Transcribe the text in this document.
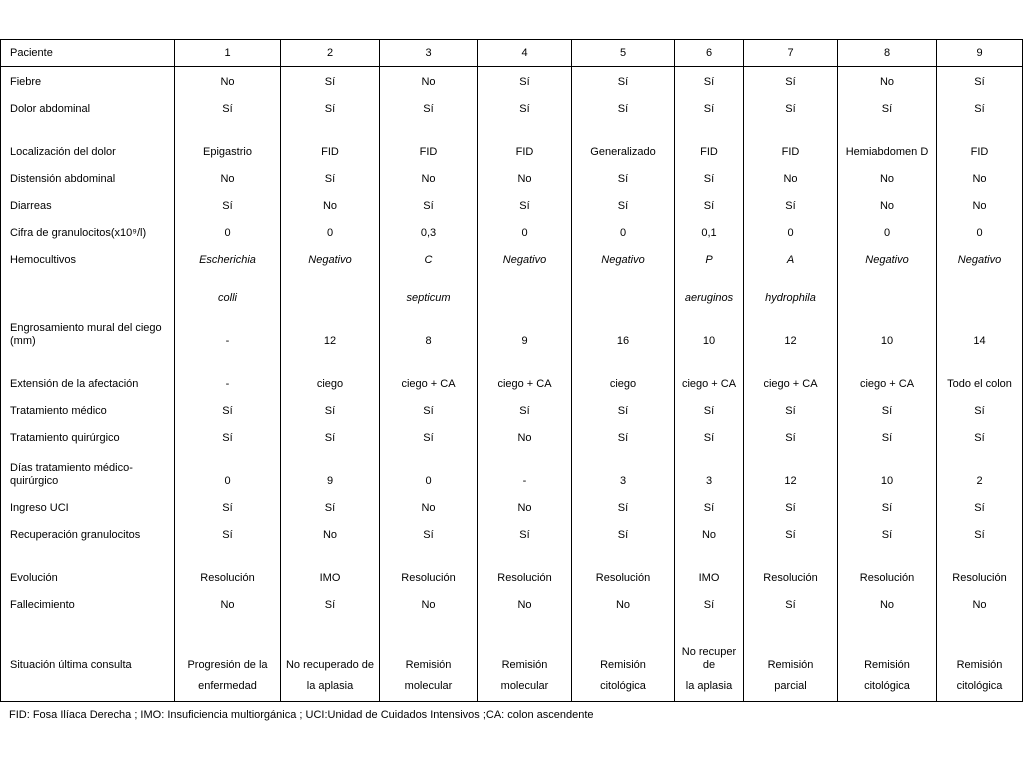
Paciente	1	2	3	4	5	6	7	8	9
Fiebre	No	Sí	No	Sí	Sí	Sí	Sí	No	Sí
Dolor abdominal	Sí	Sí	Sí	Sí	Sí	Sí	Sí	Sí	Sí
Localización del dolor	Epigastrio	FID	FID	FID	Generalizado	FID	FID	Hemiabdomen D	FID
Distensión abdominal	No	Sí	No	No	Sí	Sí	No	No	No
Diarreas	Sí	No	Sí	Sí	Sí	Sí	Sí	No	No
Cifra de granulocitos(x10⁹/l)	0	0	0,3	0	0	0,1	0	0	0
Hemocultivos	Escherichia	Negativo	C	Negativo	Negativo	P	A	Negativo	Negativo
	colli		septicum			aeruginos	hydrophila		
Engrosamiento mural del ciego (mm)	-	12	8	9	16	10	12	10	14
Extensión de la afectación	-	ciego	ciego + CA	ciego + CA	ciego	ciego + CA	ciego + CA	ciego + CA	Todo el colon
Tratamiento médico	Sí	Sí	Sí	Sí	Sí	Sí	Sí	Sí	Sí
Tratamiento quirúrgico	Sí	Sí	Sí	No	Sí	Sí	Sí	Sí	Sí
Días tratamiento médico-quirúrgico	0	9	0	-	3	3	12	10	2
Ingreso UCI	Sí	Sí	No	No	Sí	Sí	Sí	Sí	Sí
Recuperación granulocitos	Sí	No	Sí	Sí	Sí	No	Sí	Sí	Sí
Evolución	Resolución	IMO	Resolución	Resolución	Resolución	IMO	Resolución	Resolución	Resolución
Fallecimiento	No	Sí	No	No	No	Sí	Sí	No	No
Situación última consulta	Progresión de la	No recuperado de	Remisión	Remisión	Remisión	No recuper de	Remisión	Remisión	Remisión
	enfermedad	la aplasia	molecular	molecular	citológica	la aplasia	parcial	citológica	citológica
FID: Fosa Ilíaca Derecha ; IMO: Insuficiencia multiorgánica ; UCI:Unidad de Cuidados Intensivos ;CA: colon ascendente
